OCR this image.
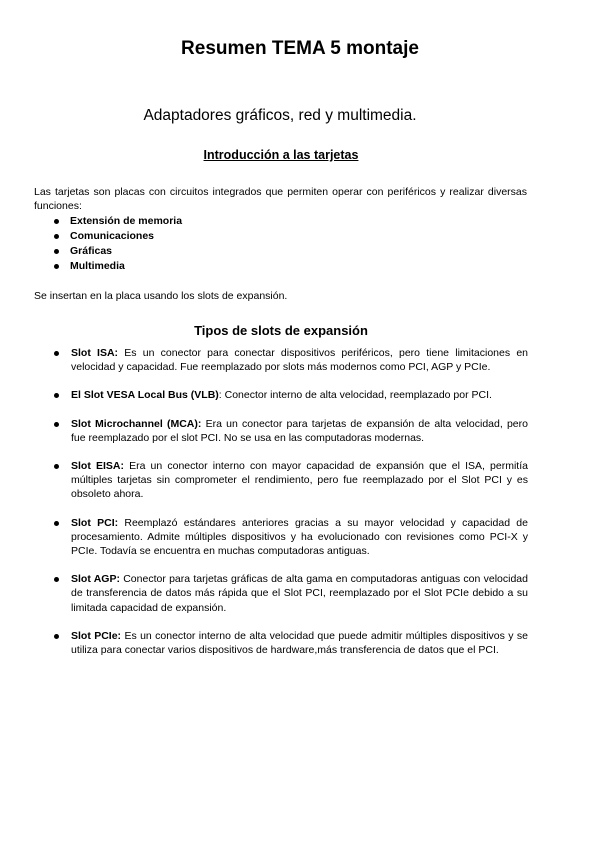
Resumen TEMA 5 montaje
Adaptadores gráficos, red y multimedia.
Introducción a las tarjetas
Las tarjetas son placas con circuitos integrados que permiten operar con periféricos y realizar diversas funciones:
Extensión de memoria
Comunicaciones
Gráficas
Multimedia
Se insertan en la placa usando los slots de expansión.
Tipos de slots de expansión
Slot ISA: Es un conector para conectar dispositivos periféricos, pero tiene limitaciones en velocidad y capacidad. Fue reemplazado por slots más modernos como PCI, AGP y PCIe.
El Slot VESA Local Bus (VLB): Conector interno de alta velocidad, reemplazado por PCI.
Slot Microchannel (MCA): Era un conector para tarjetas de expansión de alta velocidad, pero fue reemplazado por el slot PCI. No se usa en las computadoras modernas.
Slot EISA: Era un conector interno con mayor capacidad de expansión que el ISA, permitía múltiples tarjetas sin comprometer el rendimiento, pero fue reemplazado por el Slot PCI y es obsoleto ahora.
Slot PCI: Reemplazó estándares anteriores gracias a su mayor velocidad y capacidad de procesamiento. Admite múltiples dispositivos y ha evolucionado con revisiones como PCI-X y PCIe. Todavía se encuentra en muchas computadoras antiguas.
Slot AGP: Conector para tarjetas gráficas de alta gama en computadoras antiguas con velocidad de transferencia de datos más rápida que el Slot PCI, reemplazado por el Slot PCIe debido a su limitada capacidad de expansión.
Slot PCIe: Es un conector interno de alta velocidad que puede admitir múltiples dispositivos y se utiliza para conectar varios dispositivos de hardware,más transferencia de datos que el PCI.
